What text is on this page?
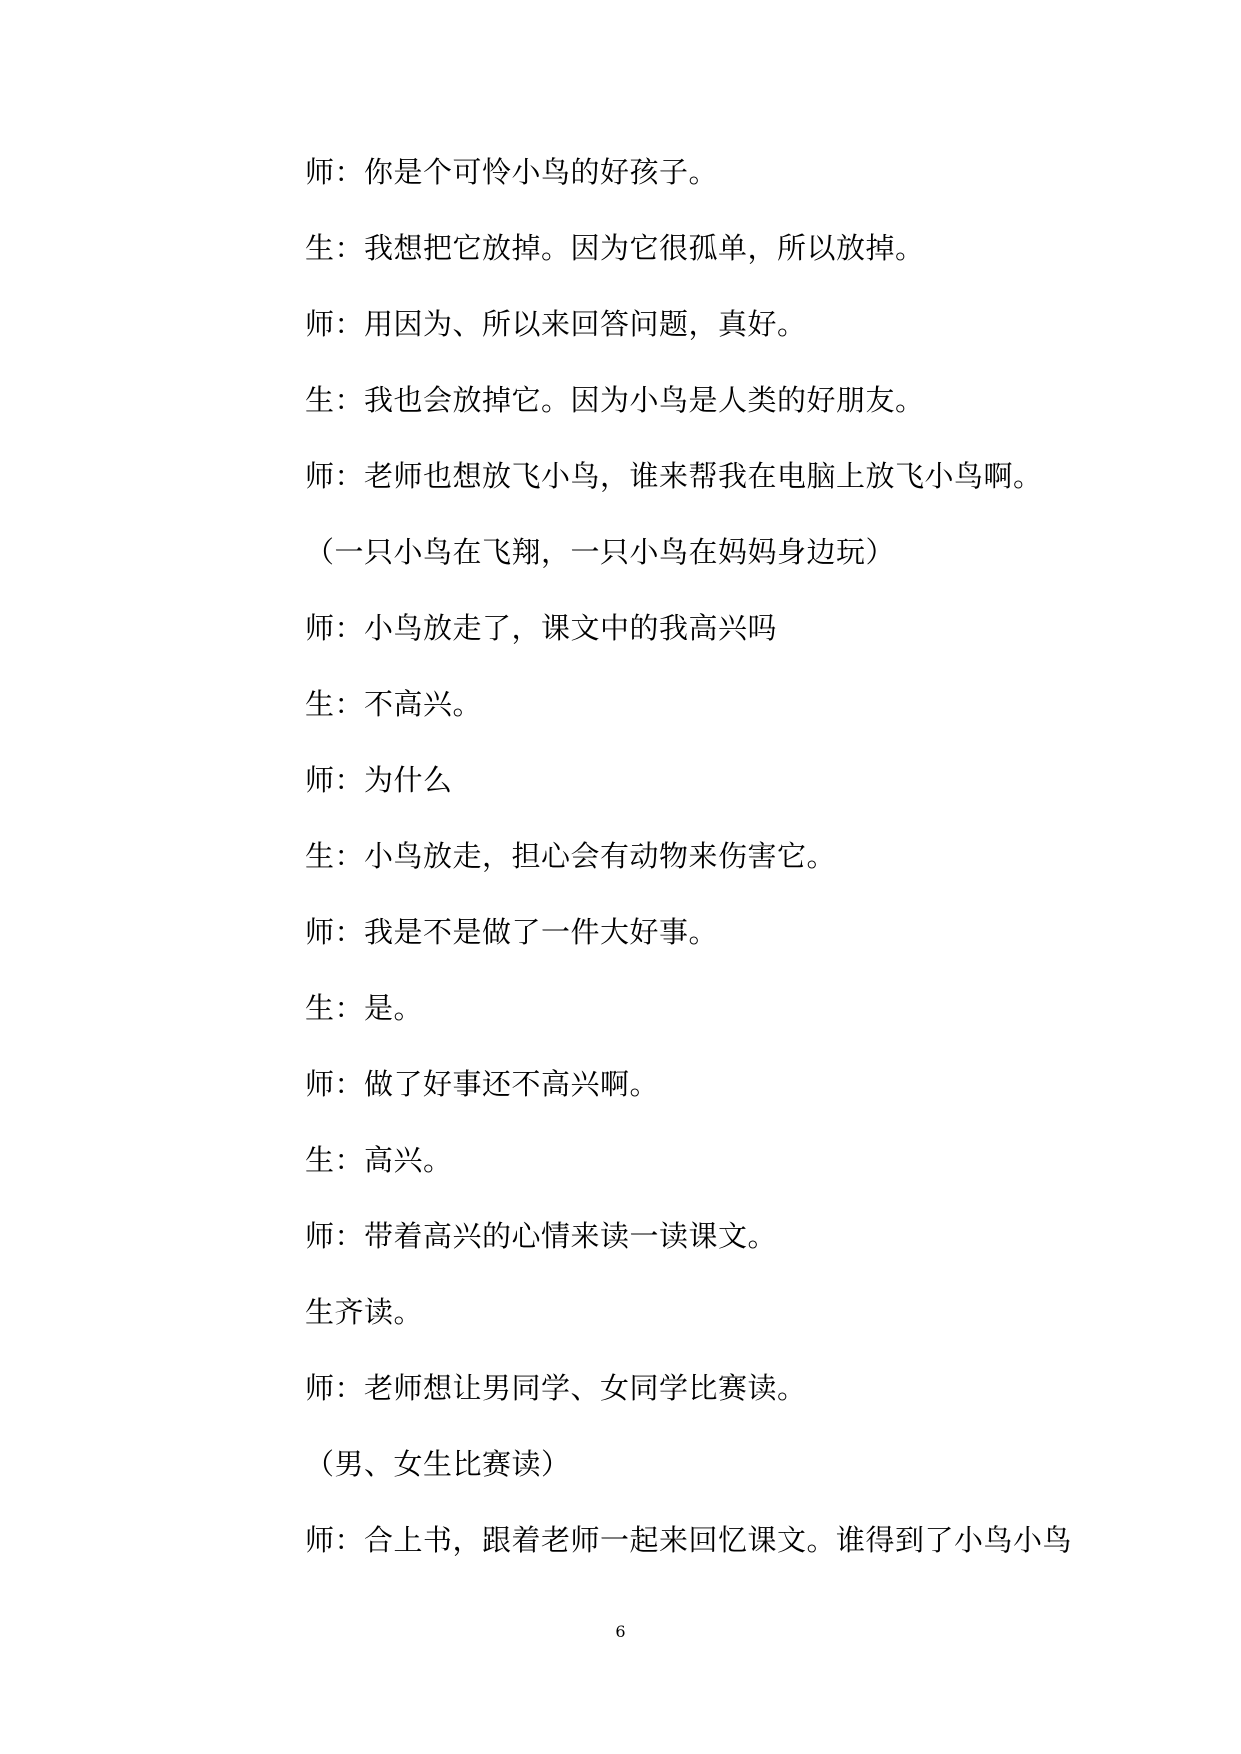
师：你是个可怜小鸟的好孩子。
生：我想把它放掉。因为它很孤单，所以放掉。
师：用因为、所以来回答问题，真好。
生：我也会放掉它。因为小鸟是人类的好朋友。
师：老师也想放飞小鸟，谁来帮我在电脑上放飞小鸟啊。
（一只小鸟在飞翔，一只小鸟在妈妈身边玩）
师：小鸟放走了，课文中的我高兴吗
生：不高兴。
师：为什么
生：小鸟放走，担心会有动物来伤害它。
师：我是不是做了一件大好事。
生：是。
师：做了好事还不高兴啊。
生：高兴。
师：带着高兴的心情来读一读课文。
生齐读。
师：老师想让男同学、女同学比赛读。
（男、女生比赛读）
师：合上书，跟着老师一起来回忆课文。谁得到了小鸟小鸟
6
